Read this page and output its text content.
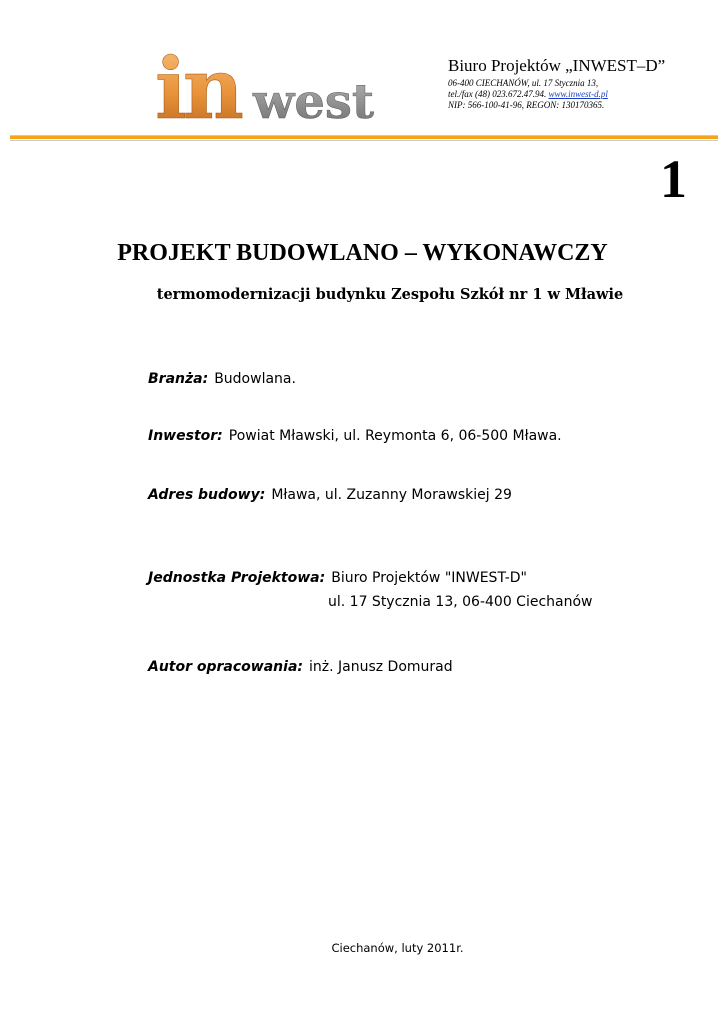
in west
Biuro Projektów „INWEST–D”
06-400 CIECHANÓW, ul. 17 Stycznia 13,
tel./fax (48) 023.672.47.94. www.inwest-d.pl
NIP: 566-100-41-96, REGON: 130170365.
1
PROJEKT BUDOWLANO – WYKONAWCZY
termomodernizacji budynku Zespołu Szkół nr 1 w Mławie
Branża: Budowlana.
Inwestor: Powiat Mławski, ul. Reymonta 6, 06-500 Mława.
Adres budowy: Mława, ul. Zuzanny Morawskiej 29
Jednostka Projektowa: Biuro Projektów "INWEST-D"
ul. 17 Stycznia 13, 06-400 Ciechanów
Autor opracowania: inż. Janusz Domurad
Ciechanów, luty 2011r.
